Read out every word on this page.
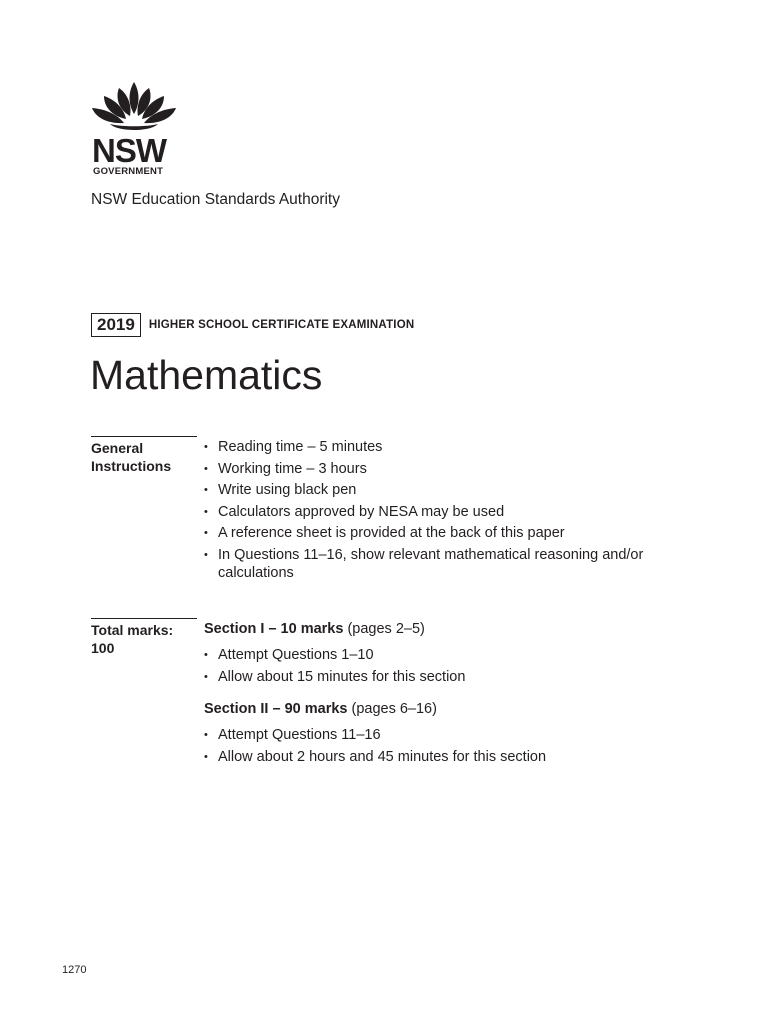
NSW
GOVERNMENT
NSW Education Standards Authority
2019	HIGHER SCHOOL CERTIFICATE EXAMINATION
Mathematics
General
Instructions
• Reading time – 5 minutes
• Working time – 3 hours
• Write using black pen
• Calculators approved by NESA may be used
• A reference sheet is provided at the back of this paper
• In Questions 11–16, show relevant mathematical reasoning and/or calculations
Total marks:
100
Section I – 10 marks (pages 2–5)
• Attempt Questions 1–10
• Allow about 15 minutes for this section
Section II – 90 marks (pages 6–16)
• Attempt Questions 11–16
• Allow about 2 hours and 45 minutes for this section
1270
